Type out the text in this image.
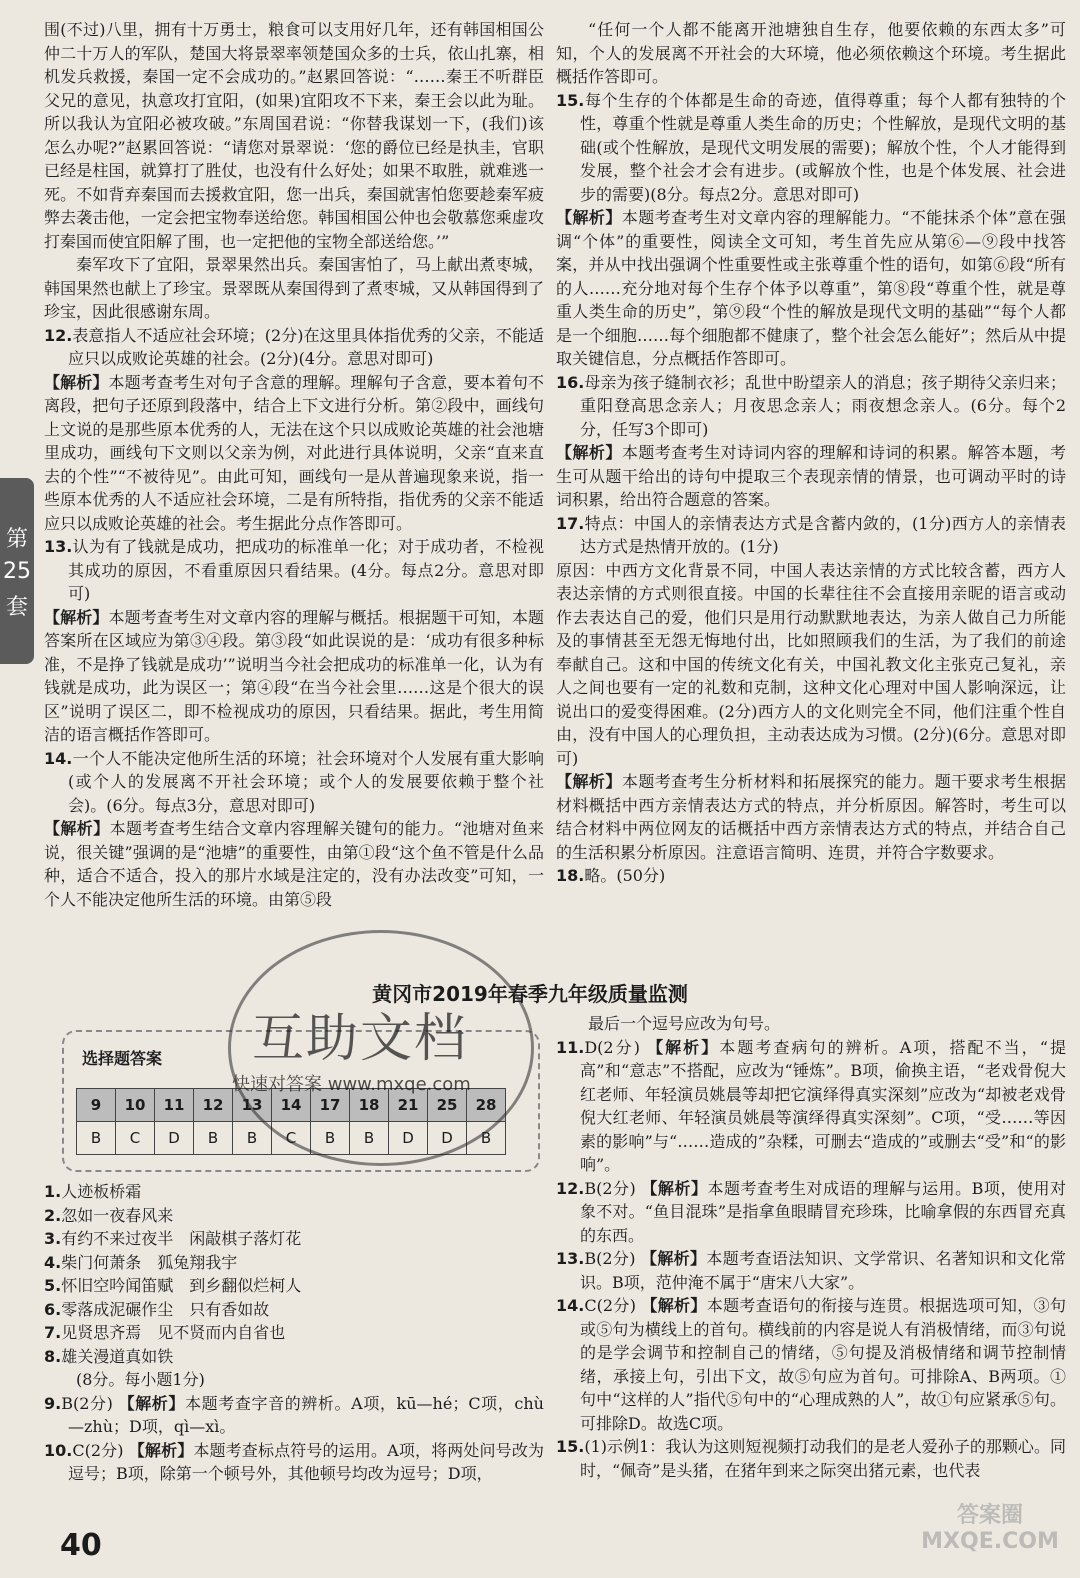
第
25
套

围(不过)八里，拥有十万勇士，粮食可以支用好几年，还有韩国相国公仲二十万人的军队，楚国大将景翠率领楚国众多的士兵，依山扎寨，相机发兵救援，秦国一定不会成功的。”赵累回答说：“……秦王不听群臣父兄的意见，执意攻打宜阳，(如果)宜阳攻不下来，秦王会以此为耻。所以我认为宜阳必被攻破。”东周国君说：“你替我谋划一下，(我们)该怎么办呢?”赵累回答说：“请您对景翠说：‘您的爵位已经是执圭，官职已经是柱国，就算打了胜仗，也没有什么好处；如果不取胜，就难逃一死。不如背弃秦国而去援救宜阳，您一出兵，秦国就害怕您要趁秦军疲弊去袭击他，一定会把宝物奉送给您。韩国相国公仲也会敬慕您乘虚攻打秦国而使宜阳解了围，也一定把他的宝物全部送给您。’”

秦军攻下了宜阳，景翠果然出兵。秦国害怕了，马上献出煮枣城，韩国果然也献上了珍宝。景翠既从秦国得到了煮枣城，又从韩国得到了珍宝，因此很感谢东周。

12.表意指人不适应社会环境；(2分)在这里具体指优秀的父亲，不能适应只以成败论英雄的社会。(2分)(4分。意思对即可)

【解析】本题考查考生对句子含意的理解。理解句子含意，要本着句不离段，把句子还原到段落中，结合上下文进行分析。第②段中，画线句上文说的是那些原本优秀的人，无法在这个只以成败论英雄的社会池塘里成功，画线句下文则以父亲为例，对此进行具体说明，父亲“直来直去的个性”“不被待见”。由此可知，画线句一是从普遍现象来说，指一些原本优秀的人不适应社会环境，二是有所特指，指优秀的父亲不能适应只以成败论英雄的社会。考生据此分点作答即可。

13.认为有了钱就是成功，把成功的标准单一化；对于成功者，不检视其成功的原因，不看重原因只看结果。(4分。每点2分。意思对即可)

【解析】本题考查考生对文章内容的理解与概括。根据题干可知，本题答案所在区域应为第③④段。第③段“如此误说的是：‘成功有很多种标准，不是挣了钱就是成功’”说明当今社会把成功的标准单一化，认为有钱就是成功，此为误区一；第④段“在当今社会里……这是个很大的误区”说明了误区二，即不检视成功的原因，只看结果。据此，考生用简洁的语言概括作答即可。

14.一个人不能决定他所生活的环境；社会环境对个人发展有重大影响(或个人的发展离不开社会环境；或个人的发展要依赖于整个社会)。(6分。每点3分，意思对即可)

【解析】本题考查考生结合文章内容理解关键句的能力。“池塘对鱼来说，很关键”强调的是“池塘”的重要性，由第①段“这个鱼不管是什么品种，适合不适合，投入的那片水域是注定的，没有办法改变”可知，一个人不能决定他所生活的环境。由第⑤段

黄冈市2019年春季九年级质量监测
选择题答案
9	10	11	12	13	14	17	18	21	25	28
B	C	D	B	B	C	B	B	D	D	B

1.人迹板桥霜

2.忽如一夜春风来

3.有约不来过夜半　闲敲棋子落灯花

4.柴门何萧条　狐兔翔我宇

5.怀旧空吟闻笛赋　到乡翻似烂柯人

6.零落成泥碾作尘　只有香如故

7.见贤思齐焉　见不贤而内自省也

8.雄关漫道真如铁

(8分。每小题1分)

9.B(2分) 【解析】本题考查字音的辨析。A项，kū—hé；C项，chù—zhù；D项，qì—xì。

10.C(2分) 【解析】本题考查标点符号的运用。A项，将两处问号改为逗号；B项，除第一个顿号外，其他顿号均改为逗号；D项，

“任何一个人都不能离开池塘独自生存，他要依赖的东西太多”可知，个人的发展离不开社会的大环境，他必须依赖这个环境。考生据此概括作答即可。

15.每个生存的个体都是生命的奇迹，值得尊重；每个人都有独特的个性，尊重个性就是尊重人类生命的历史；个性解放，是现代文明的基础(或个性解放，是现代文明发展的需要)；解放个性，个人才能得到发展，整个社会才会有进步。(或解放个性，也是个体发展、社会进步的需要)(8分。每点2分。意思对即可)

【解析】本题考查考生对文章内容的理解能力。“不能抹杀个体”意在强调“个体”的重要性，阅读全文可知，考生首先应从第⑥—⑨段中找答案，并从中找出强调个性重要性或主张尊重个性的语句，如第⑥段“所有的人……充分地对每个生存个体予以尊重”，第⑧段“尊重个性，就是尊重人类生命的历史”，第⑨段“个性的解放是现代文明的基础”“每个人都是一个细胞……每个细胞都不健康了，整个社会怎么能好”；然后从中提取关键信息，分点概括作答即可。

16.母亲为孩子缝制衣衫；乱世中盼望亲人的消息；孩子期待父亲归来；重阳登高思念亲人；月夜思念亲人；雨夜想念亲人。(6分。每个2分，任写3个即可)

【解析】本题考查考生对诗词内容的理解和诗词的积累。解答本题，考生可从题干给出的诗句中提取三个表现亲情的情景，也可调动平时的诗词积累，给出符合题意的答案。

17.特点：中国人的亲情表达方式是含蓄内敛的，(1分)西方人的亲情表达方式是热情开放的。(1分)

原因：中西方文化背景不同，中国人表达亲情的方式比较含蓄，西方人表达亲情的方式则很直接。中国的长辈往往不会直接用亲昵的语言或动作去表达自己的爱，他们只是用行动默默地表达，为亲人做自己力所能及的事情甚至无怨无悔地付出，比如照顾我们的生活，为了我们的前途奉献自己。这和中国的传统文化有关，中国礼教文化主张克己复礼，亲人之间也要有一定的礼数和克制，这种文化心理对中国人影响深远，让说出口的爱变得困难。(2分)西方人的文化则完全不同，他们注重个性自由，没有中国人的心理负担，主动表达成为习惯。(2分)(6分。意思对即可)

【解析】本题考查考生分析材料和拓展探究的能力。题干要求考生根据材料概括中西方亲情表达方式的特点，并分析原因。解答时，考生可以结合材料中两位网友的话概括中西方亲情表达方式的特点，并结合自己的生活积累分析原因。注意语言简明、连贯，并符合字数要求。

18.略。(50分)

最后一个逗号应改为句号。

11.D(2分) 【解析】本题考查病句的辨析。A项，搭配不当，“提高”和“意志”不搭配，应改为“锤炼”。B项，偷换主语，“老戏骨倪大红老师、年轻演员姚晨等却把它演绎得真实深刻”应改为“却被老戏骨倪大红老师、年轻演员姚晨等演绎得真实深刻”。C项，“受……等因素的影响”与“……造成的”杂糅，可删去“造成的”或删去“受”和“的影响”。

12.B(2分) 【解析】本题考查考生对成语的理解与运用。B项，使用对象不对。“鱼目混珠”是指拿鱼眼睛冒充珍珠，比喻拿假的东西冒充真的东西。

13.B(2分) 【解析】本题考查语法知识、文学常识、名著知识和文化常识。B项，范仲淹不属于“唐宋八大家”。

14.C(2分) 【解析】本题考查语句的衔接与连贯。根据选项可知，③句或⑤句为横线上的首句。横线前的内容是说人有消极情绪，而③句说的是学会调节和控制自己的情绪，⑤句提及消极情绪和调节控制情绪，承接上句，引出下文，故⑤句应为首句。可排除A、B两项。①句中“这样的人”指代⑤句中的“心理成熟的人”，故①句应紧承⑤句。可排除D。故选C项。

15.(1)示例1：我认为这则短视频打动我们的是老人爱孙子的那颗心。同时，“佩奇”是头猪，在猪年到来之际突出猪元素，也代表

互助文档
快速对答案 www.mxqe.com
40
答案圈 MXQE.COM
